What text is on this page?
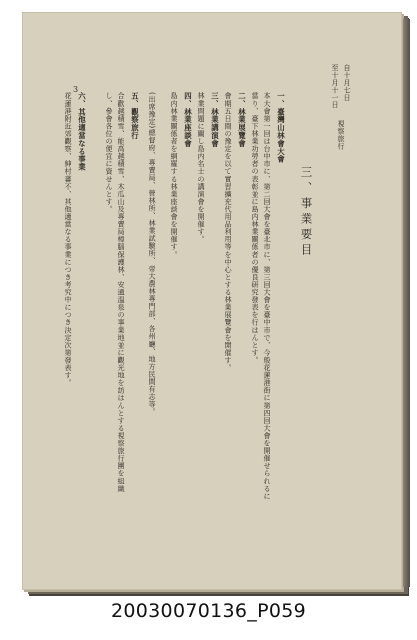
3	自十月七日
至十月十一日
視察旅行
三、事業要目
一、臺灣山林會大會
本大會第一回は台中市に、第二回大會を臺北市に、第三回大會を臺中市で、今般花蓮港街に第四回大會を開催せられるに
當り、臺下林業功勞者の表彰並に島内林業關係者の優良研究發表を行はんとす。
二、林業展覽會
會期五日間の豫定を以て實習擴充代用品利用等を中心とする林業展覽會を開催す。
三、林業講演會
林業問題に關し島内名士の講演會を開催す。
四、林業座談會
島内林業關係者を網羅する林業座談會を開催す。
(出席豫定)總督府、專賣局、營林所、林業試驗所、帝大農林專門部、各州廳、地方民間有志等。
五、觀察旅行
合歡越積雪、能高越積雪、木瓜山及專賣局樟腦保護林、安通溫泉の事業地並に觀光地を訪はんとする視察旅行團を組織
し、參會各位の便宜に資せんとす。
六、其他適當なる事業
花蓮港附近郊觀察、紳村蕃不、其他適當なる事業につき考究中につき決定次第發表す。
20030070136_P059
